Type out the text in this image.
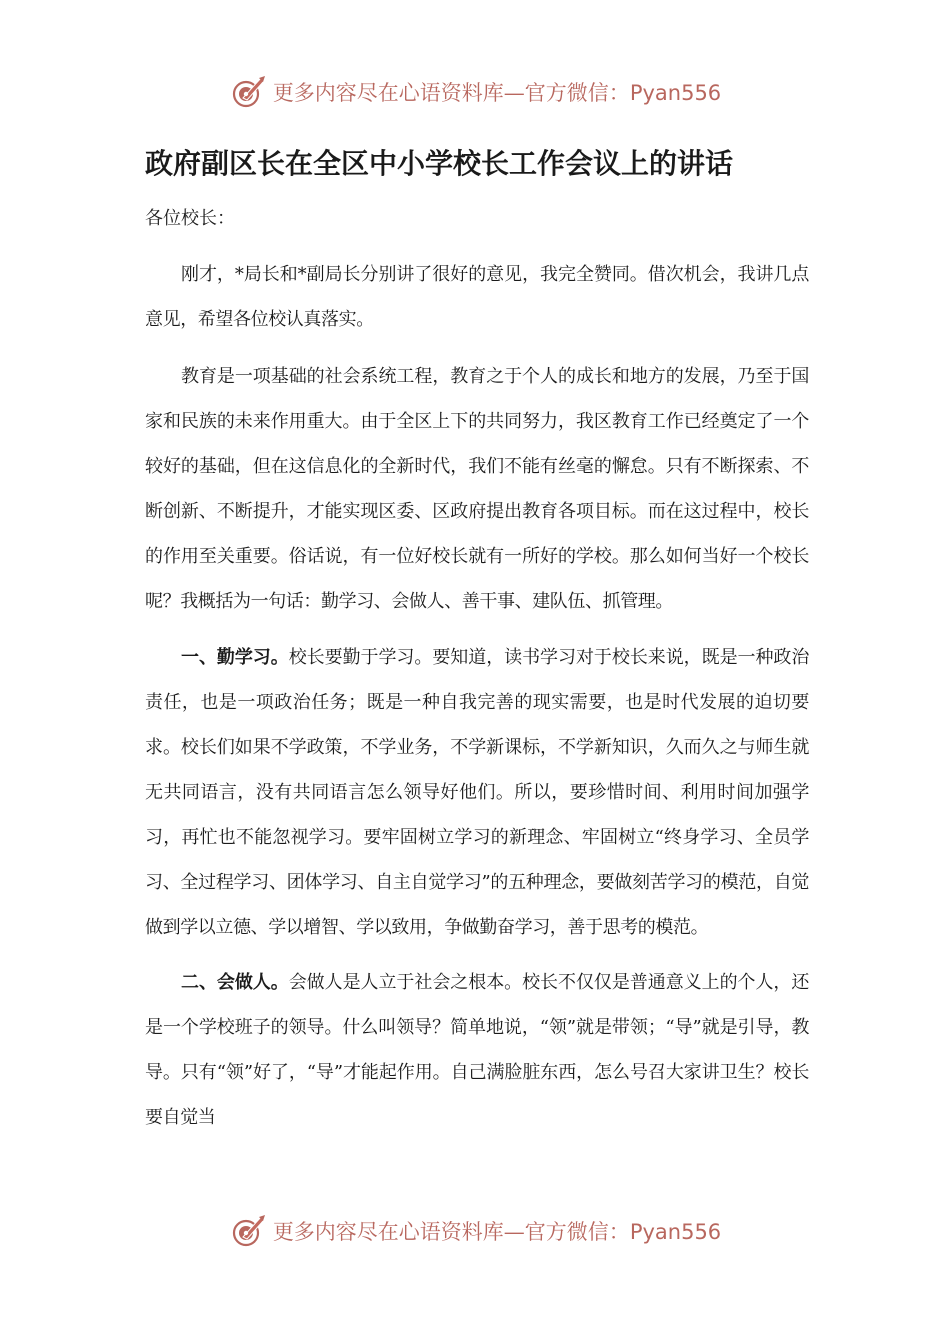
更多内容尽在心语资料库—官方微信：Pyan556
政府副区长在全区中小学校长工作会议上的讲话

各位校长：

刚才，*局长和*副局长分别讲了很好的意见，我完全赞同。借次机会，我讲几点意见，希望各位校认真落实。

教育是一项基础的社会系统工程，教育之于个人的成长和地方的发展，乃至于国家和民族的未来作用重大。由于全区上下的共同努力，我区教育工作已经奠定了一个较好的基础，但在这信息化的全新时代，我们不能有丝毫的懈怠。只有不断探索、不断创新、不断提升，才能实现区委、区政府提出教育各项目标。而在这过程中，校长的作用至关重要。俗话说，有一位好校长就有一所好的学校。那么如何当好一个校长呢？我概括为一句话：勤学习、会做人、善干事、建队伍、抓管理。

一、勤学习。校长要勤于学习。要知道，读书学习对于校长来说，既是一种政治责任，也是一项政治任务；既是一种自我完善的现实需要，也是时代发展的迫切要求。校长们如果不学政策，不学业务，不学新课标，不学新知识，久而久之与师生就无共同语言，没有共同语言怎么领导好他们。所以，要珍惜时间、利用时间加强学习，再忙也不能忽视学习。要牢固树立学习的新理念、牢固树立“终身学习、全员学习、全过程学习、团体学习、自主自觉学习”的五种理念，要做刻苦学习的模范，自觉做到学以立德、学以增智、学以致用，争做勤奋学习，善于思考的模范。

二、会做人。会做人是人立于社会之根本。校长不仅仅是普通意义上的个人，还是一个学校班子的领导。什么叫领导？简单地说，“领”就是带领；“导”就是引导，教导。只有“领”好了，“导”才能起作用。自己满脸脏东西，怎么号召大家讲卫生？校长要自觉当

更多内容尽在心语资料库—官方微信：Pyan556
